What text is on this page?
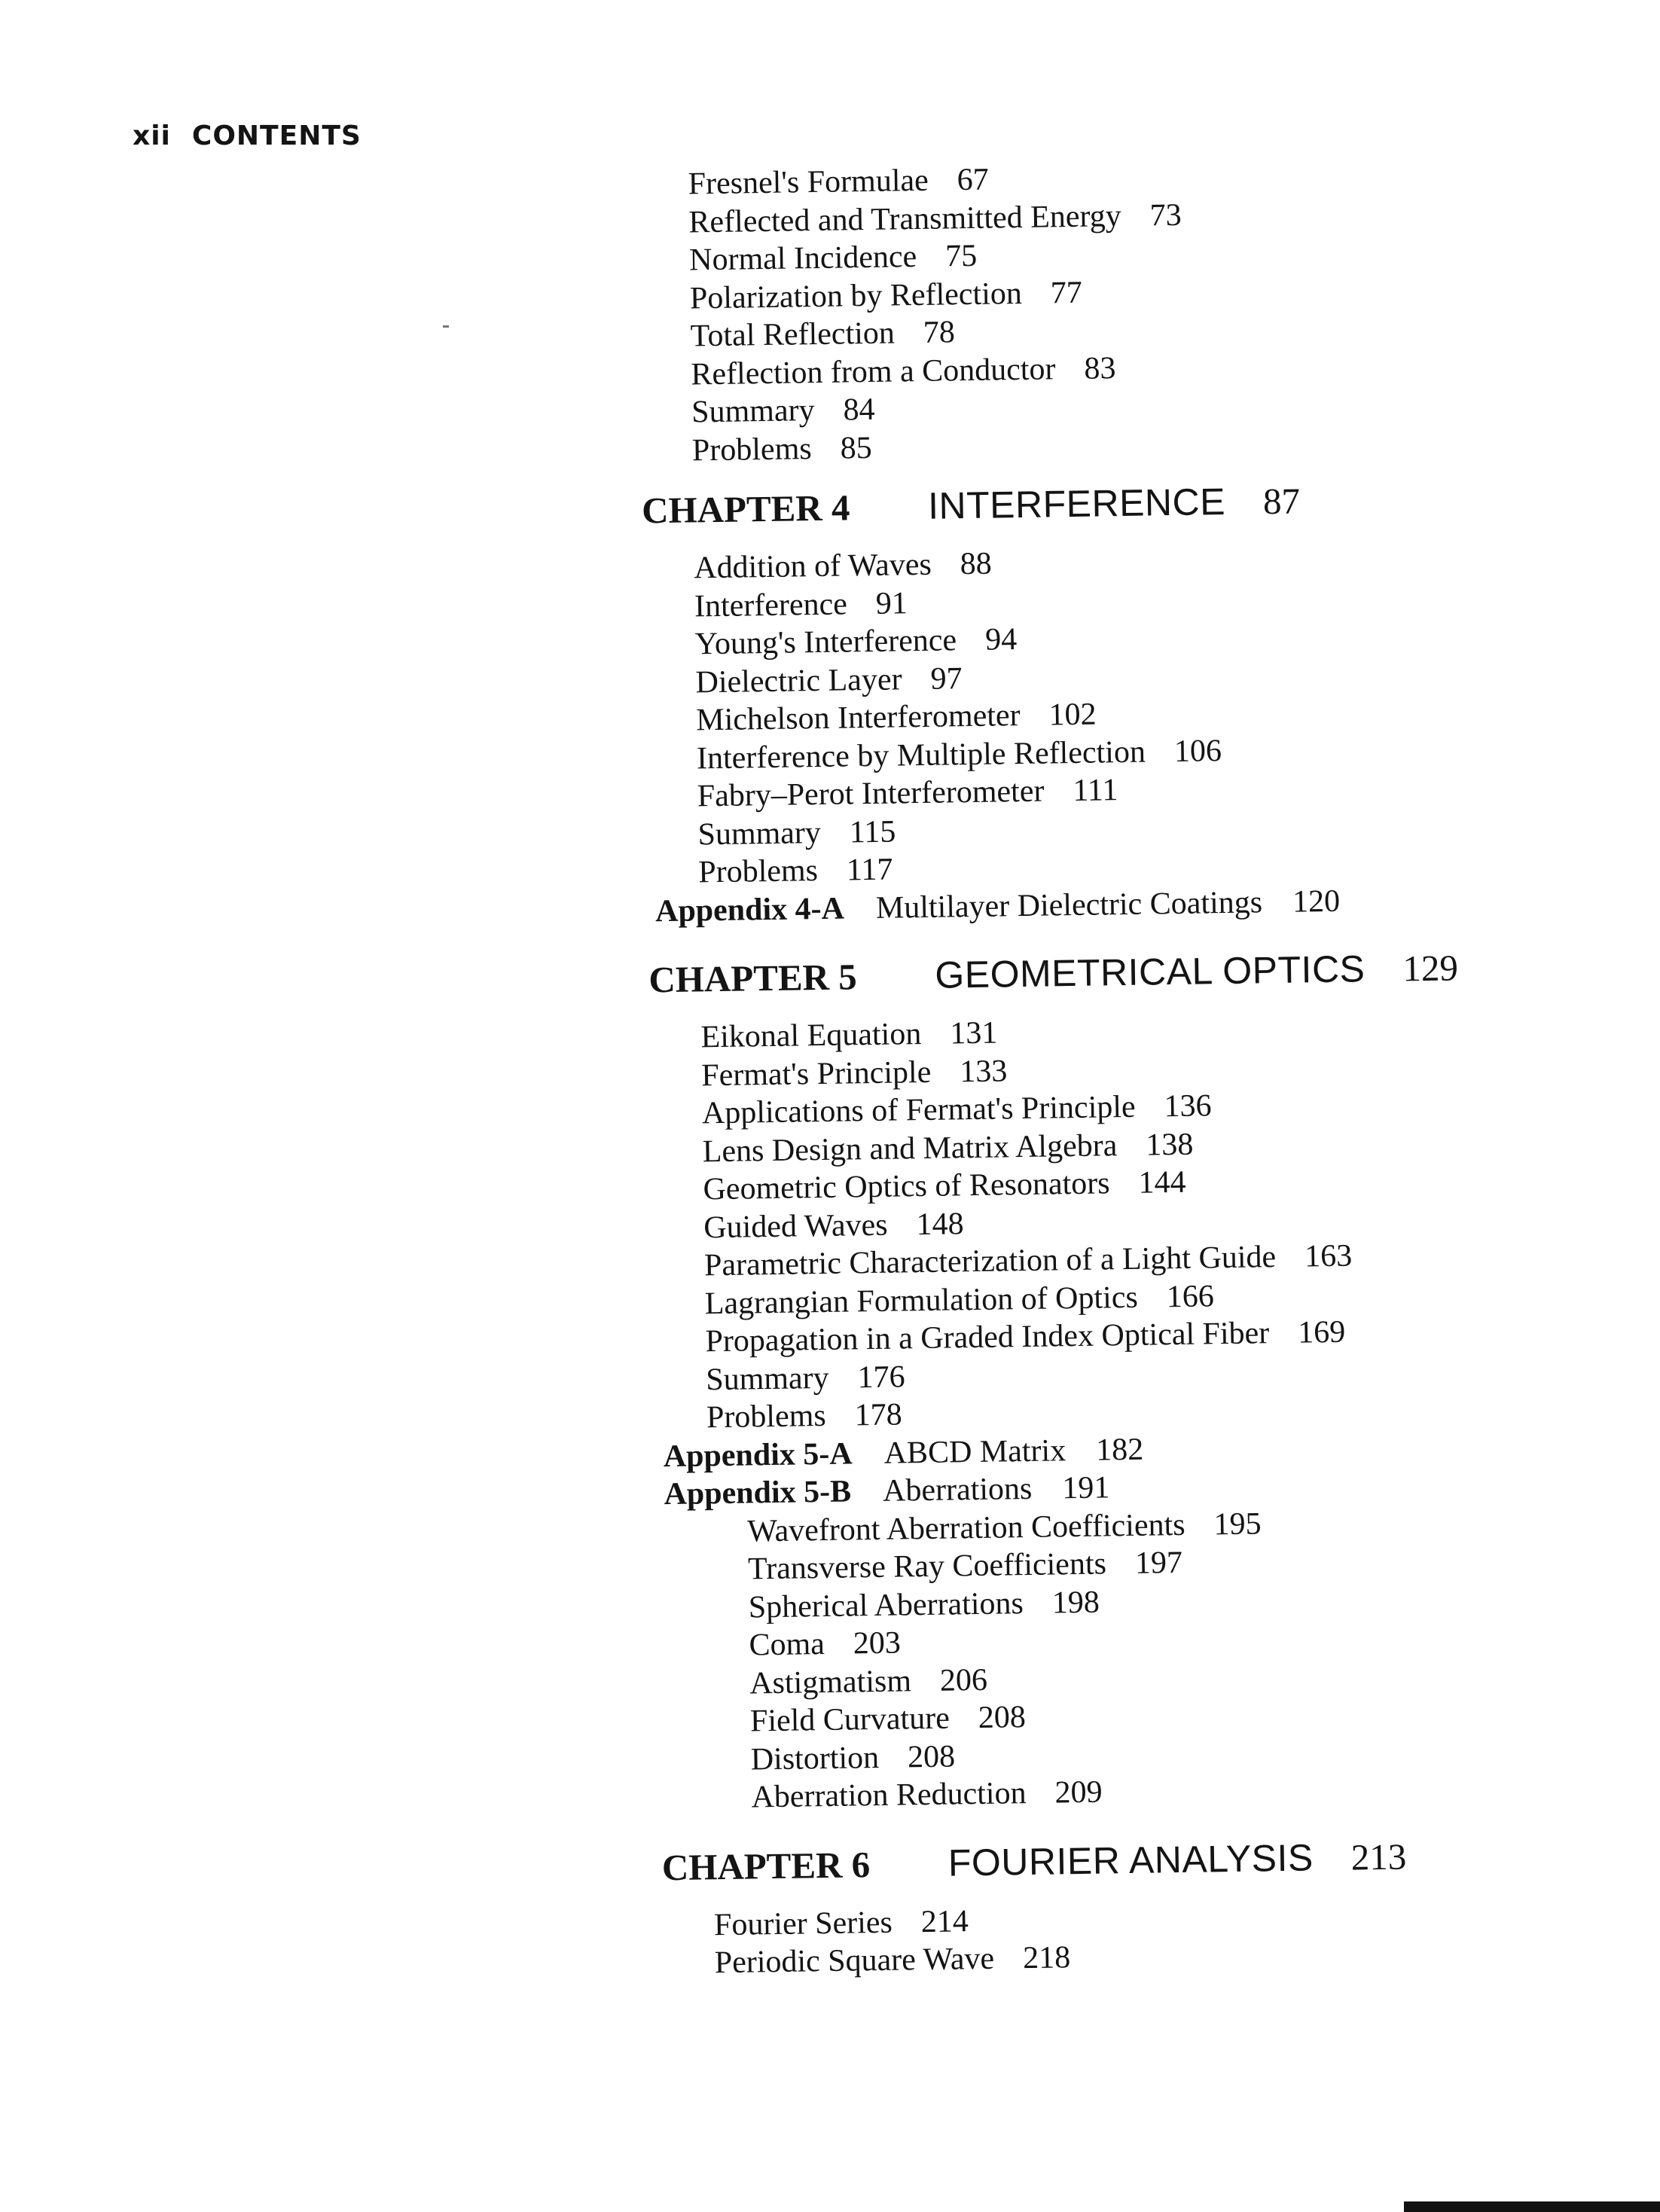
xii CONTENTS
Fresnel's Formulae 67
Reflected and Transmitted Energy 73
Normal Incidence 75
Polarization by Reflection 77
Total Reflection 78
Reflection from a Conductor 83
Summary 84
Problems 85
CHAPTER 4 INTERFERENCE 87
Addition of Waves 88
Interference 91
Young's Interference 94
Dielectric Layer 97
Michelson Interferometer 102
Interference by Multiple Reflection 106
Fabry–Perot Interferometer 111
Summary 115
Problems 117
Appendix 4-A Multilayer Dielectric Coatings 120
CHAPTER 5 GEOMETRICAL OPTICS 129
Eikonal Equation 131
Fermat's Principle 133
Applications of Fermat's Principle 136
Lens Design and Matrix Algebra 138
Geometric Optics of Resonators 144
Guided Waves 148
Parametric Characterization of a Light Guide 163
Lagrangian Formulation of Optics 166
Propagation in a Graded Index Optical Fiber 169
Summary 176
Problems 178
Appendix 5-A ABCD Matrix 182
Appendix 5-B Aberrations 191
Wavefront Aberration Coefficients 195
Transverse Ray Coefficients 197
Spherical Aberrations 198
Coma 203
Astigmatism 206
Field Curvature 208
Distortion 208
Aberration Reduction 209
CHAPTER 6 FOURIER ANALYSIS 213
Fourier Series 214
Periodic Square Wave 218
